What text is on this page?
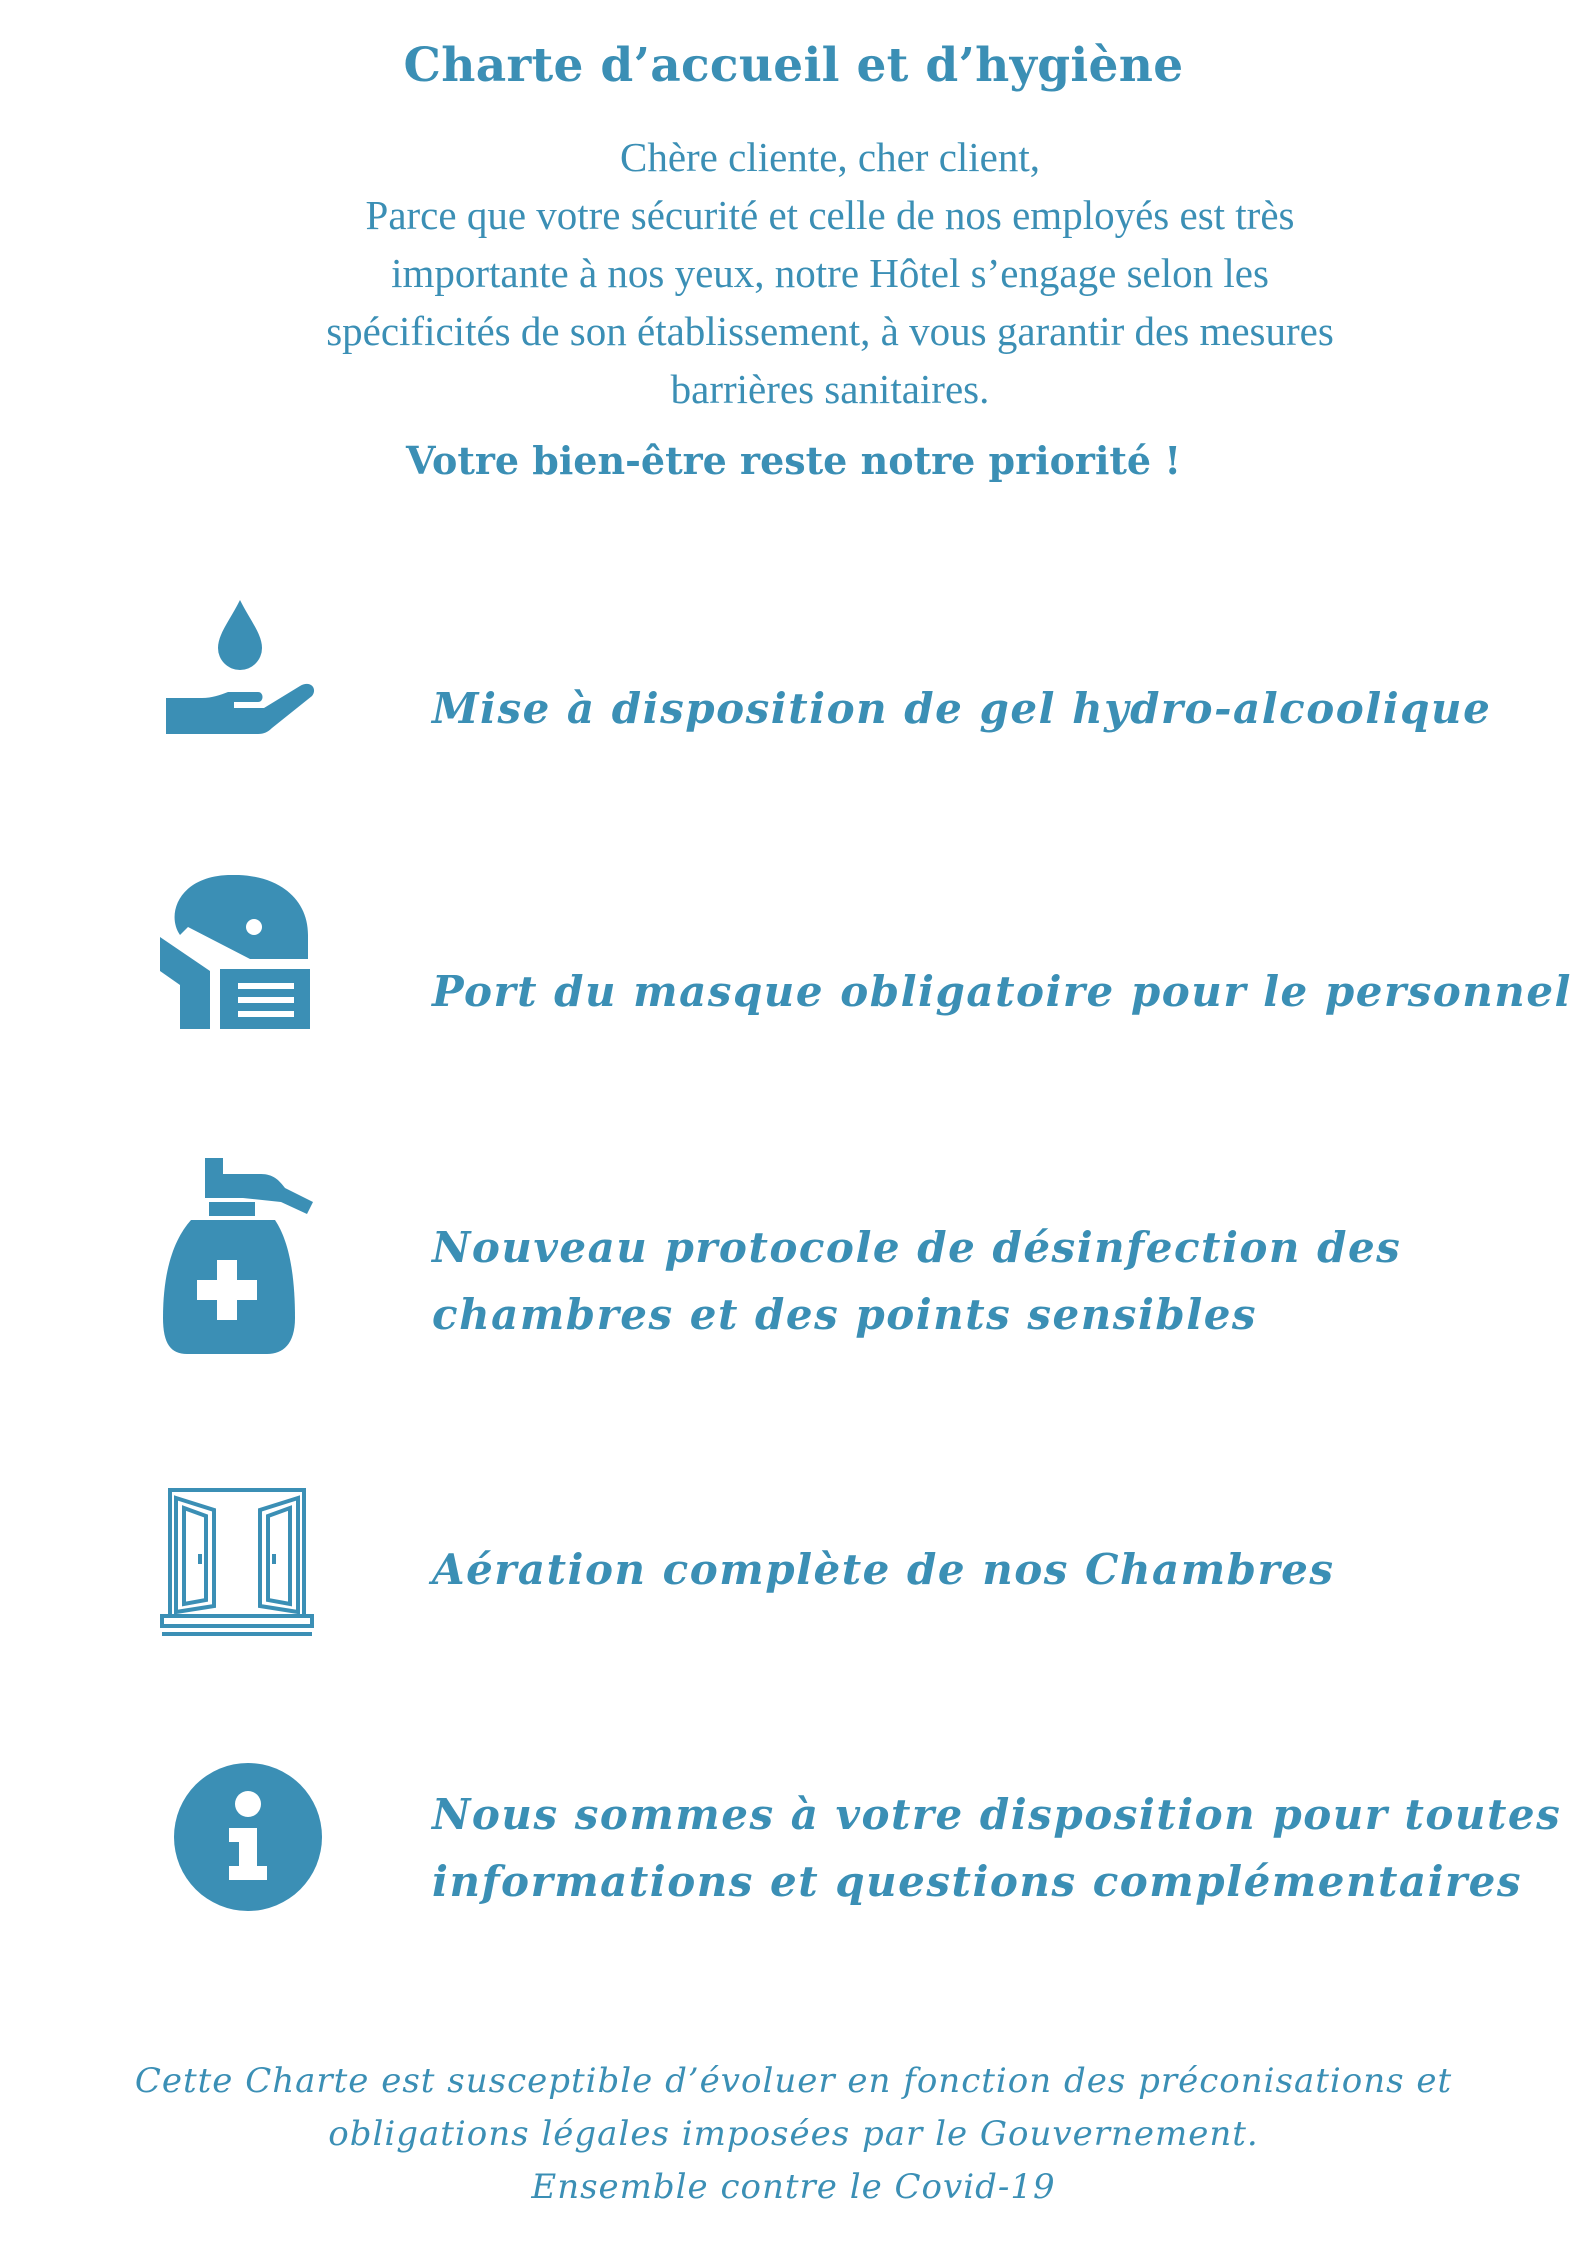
Charte d’accueil et d’hygiène
Chère cliente, cher client,
Parce que votre sécurité et celle de nos employés est très
importante à nos yeux, notre Hôtel s’engage selon les
spécificités de son établissement, à vous garantir des mesures
barrières sanitaires.
Votre bien-être reste notre priorité !
Mise à disposition de gel hydro-alcoolique
Port du masque obligatoire pour le personnel
Nouveau protocole de désinfection des
chambres et des points sensibles
Aération complète de nos Chambres
Nous sommes à votre disposition pour toutes
informations et questions complémentaires
Cette Charte est susceptible d’évoluer en fonction des préconisations et
obligations légales imposées par le Gouvernement.
Ensemble contre le Covid-19
